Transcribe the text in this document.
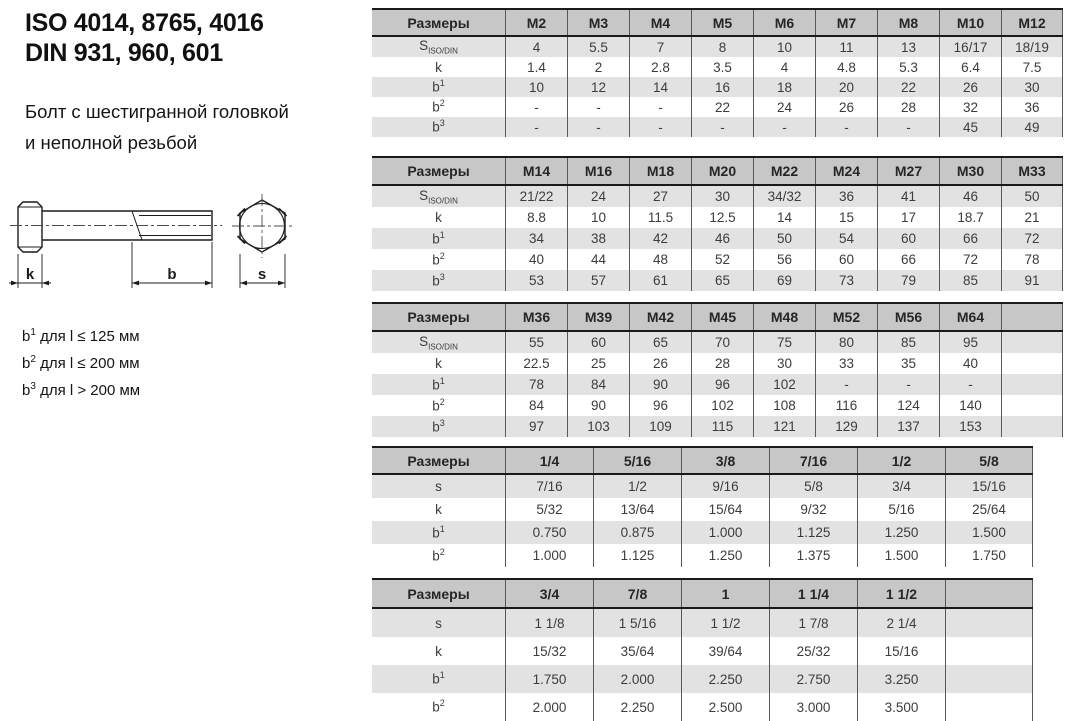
ISO 4014, 8765, 4016
DIN 931, 960, 601
Болт с шестигранной головкой
и неполной резьбой
k	b	s
$b^1$ для l ≤ 125 мм
$b^2$ для l ≤ 200 мм
$b^3$ для l > 200 мм
Размеры	M2	M3	M4	M5	M6	M7	M8	M10	M12
$S_{ISO/DIN}$	4	5.5	7	8	10	11	13	16/17	18/19
k	1.4	2	2.8	3.5	4	4.8	5.3	6.4	7.5
$b^1$	10	12	14	16	18	20	22	26	30
$b^2$	-	-	-	22	24	26	28	32	36
$b^3$	-	-	-	-	-	-	-	45	49
Размеры	M14	M16	M18	M20	M22	M24	M27	M30	M33
$S_{ISO/DIN}$	21/22	24	27	30	34/32	36	41	46	50
k	8.8	10	11.5	12.5	14	15	17	18.7	21
$b^1$	34	38	42	46	50	54	60	66	72
$b^2$	40	44	48	52	56	60	66	72	78
$b^3$	53	57	61	65	69	73	79	85	91
Размеры	M36	M39	M42	M45	M48	M52	M56	M64
$S_{ISO/DIN}$	55	60	65	70	75	80	85	95
k	22.5	25	26	28	30	33	35	40
$b^1$	78	84	90	96	102	-	-	-
$b^2$	84	90	96	102	108	116	124	140
$b^3$	97	103	109	115	121	129	137	153
Размеры	1/4	5/16	3/8	7/16	1/2	5/8
s	7/16	1/2	9/16	5/8	3/4	15/16
k	5/32	13/64	15/64	9/32	5/16	25/64
$b^1$	0.750	0.875	1.000	1.125	1.250	1.500
$b^2$	1.000	1.125	1.250	1.375	1.500	1.750
Размеры	3/4	7/8	1	1 1/4	1 1/2
s	1 1/8	1 5/16	1 1/2	1 7/8	2 1/4
k	15/32	35/64	39/64	25/32	15/16
$b^1$	1.750	2.000	2.250	2.750	3.250
$b^2$	2.000	2.250	2.500	3.000	3.500
